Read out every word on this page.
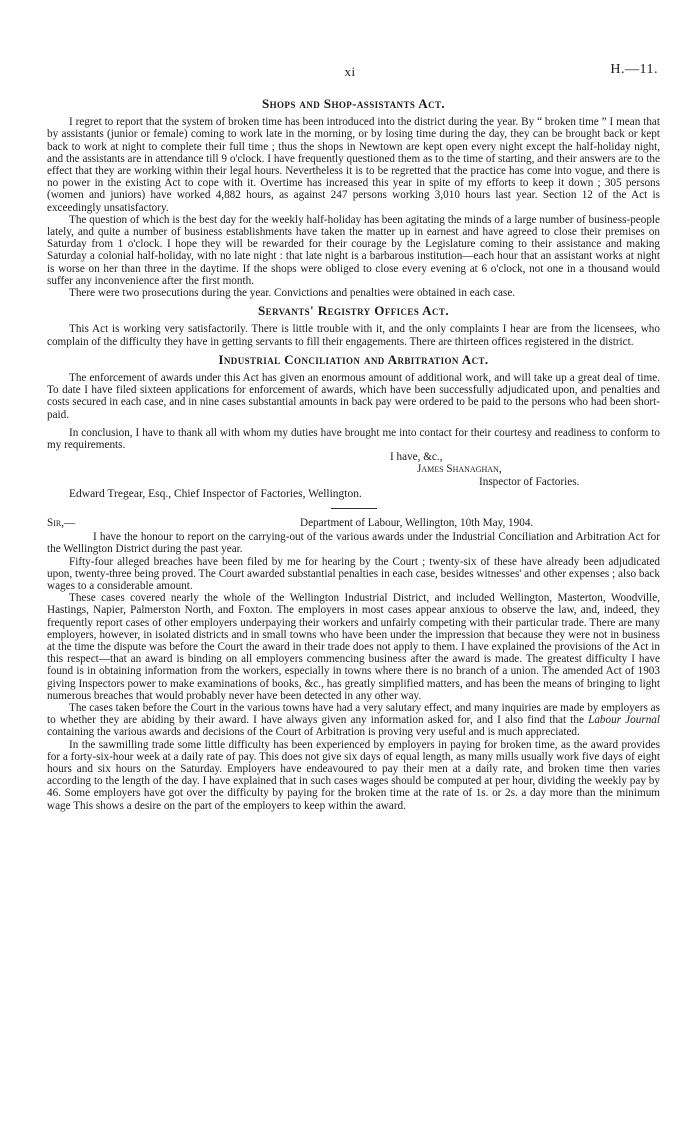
xi	H.—11.
Shops and Shop-assistants Act.

I regret to report that the system of broken time has been introduced into the district during the year. By “ broken time ” I mean that by assistants (junior or female) coming to work late in the morning, or by losing time during the day, they can be brought back or kept back to work at night to complete their full time ; thus the shops in Newtown are kept open every night except the half-holiday night, and the assistants are in attendance till 9 o'clock. I have frequently questioned them as to the time of starting, and their answers are to the effect that they are working within their legal hours. Nevertheless it is to be regretted that the practice has come into vogue, and there is no power in the existing Act to cope with it. Overtime has increased this year in spite of my efforts to keep it down ; 305 persons (women and juniors) have worked 4,882 hours, as against 247 persons working 3,010 hours last year. Section 12 of the Act is exceedingly unsatisfactory.

The question of which is the best day for the weekly half-holiday has been agitating the minds of a large number of business-people lately, and quite a number of business establishments have taken the matter up in earnest and have agreed to close their premises on Saturday from 1 o'clock. I hope they will be rewarded for their courage by the Legislature coming to their assistance and making Saturday a colonial half-holiday, with no late night : that late night is a barbarous institution—each hour that an assistant works at night is worse on her than three in the daytime. If the shops were obliged to close every evening at 6 o'clock, not one in a thousand would suffer any inconvenience after the first month.

There were two prosecutions during the year. Convictions and penalties were obtained in each case.

Servants' Registry Offices Act.

This Act is working very satisfactorily. There is little trouble with it, and the only complaints I hear are from the licensees, who complain of the difficulty they have in getting servants to fill their engagements. There are thirteen offices registered in the district.

Industrial Conciliation and Arbitration Act.

The enforcement of awards under this Act has given an enormous amount of additional work, and will take up a great deal of time. To date I have filed sixteen applications for enforcement of awards, which have been successfully adjudicated upon, and penalties and costs secured in each case, and in nine cases substantial amounts in back pay were ordered to be paid to the persons who had been short-paid.

In conclusion, I have to thank all with whom my duties have brought me into contact for their courtesy and readiness to conform to my requirements.

I have, &c.,

James Shanaghan,

Inspector of Factories.

Edward Tregear, Esq., Chief Inspector of Factories, Wellington.

Sir,—	Department of Labour, Wellington, 10th May, 1904.

I have the honour to report on the carrying-out of the various awards under the Industrial Conciliation and Arbitration Act for the Wellington District during the past year.

Fifty-four alleged breaches have been filed by me for hearing by the Court ; twenty-six of these have already been adjudicated upon, twenty-three being proved. The Court awarded substantial penalties in each case, besides witnesses' and other expenses ; also back wages to a considerable amount.

These cases covered nearly the whole of the Wellington Industrial District, and included Wellington, Masterton, Woodville, Hastings, Napier, Palmerston North, and Foxton. The employers in most cases appear anxious to observe the law, and, indeed, they frequently report cases of other employers underpaying their workers and unfairly competing with their particular trade. There are many employers, however, in isolated districts and in small towns who have been under the impression that because they were not in business at the time the dispute was before the Court the award in their trade does not apply to them. I have explained the provisions of the Act in this respect—that an award is binding on all employers commencing business after the award is made. The greatest difficulty I have found is in obtaining information from the workers, especially in towns where there is no branch of a union. The amended Act of 1903 giving Inspectors power to make examinations of books, &c., has greatly simplified matters, and has been the means of bringing to light numerous breaches that would probably never have been detected in any other way.

The cases taken before the Court in the various towns have had a very salutary effect, and many inquiries are made by employers as to whether they are abiding by their award. I have always given any information asked for, and I also find that the Labour Journal containing the various awards and decisions of the Court of Arbitration is proving very useful and is much appreciated.

In the sawmilling trade some little difficulty has been experienced by employers in paying for broken time, as the award provides for a forty-six-hour week at a daily rate of pay. This does not give six days of equal length, as many mills usually work five days of eight hours and six hours on the Saturday. Employers have endeavoured to pay their men at a daily rate, and broken time then varies according to the length of the day. I have explained that in such cases wages should be computed at per hour, dividing the weekly pay by 46. Some employers have got over the difficulty by paying for the broken time at the rate of 1s. or 2s. a day more than the minimum wage This shows a desire on the part of the employers to keep within the award.
